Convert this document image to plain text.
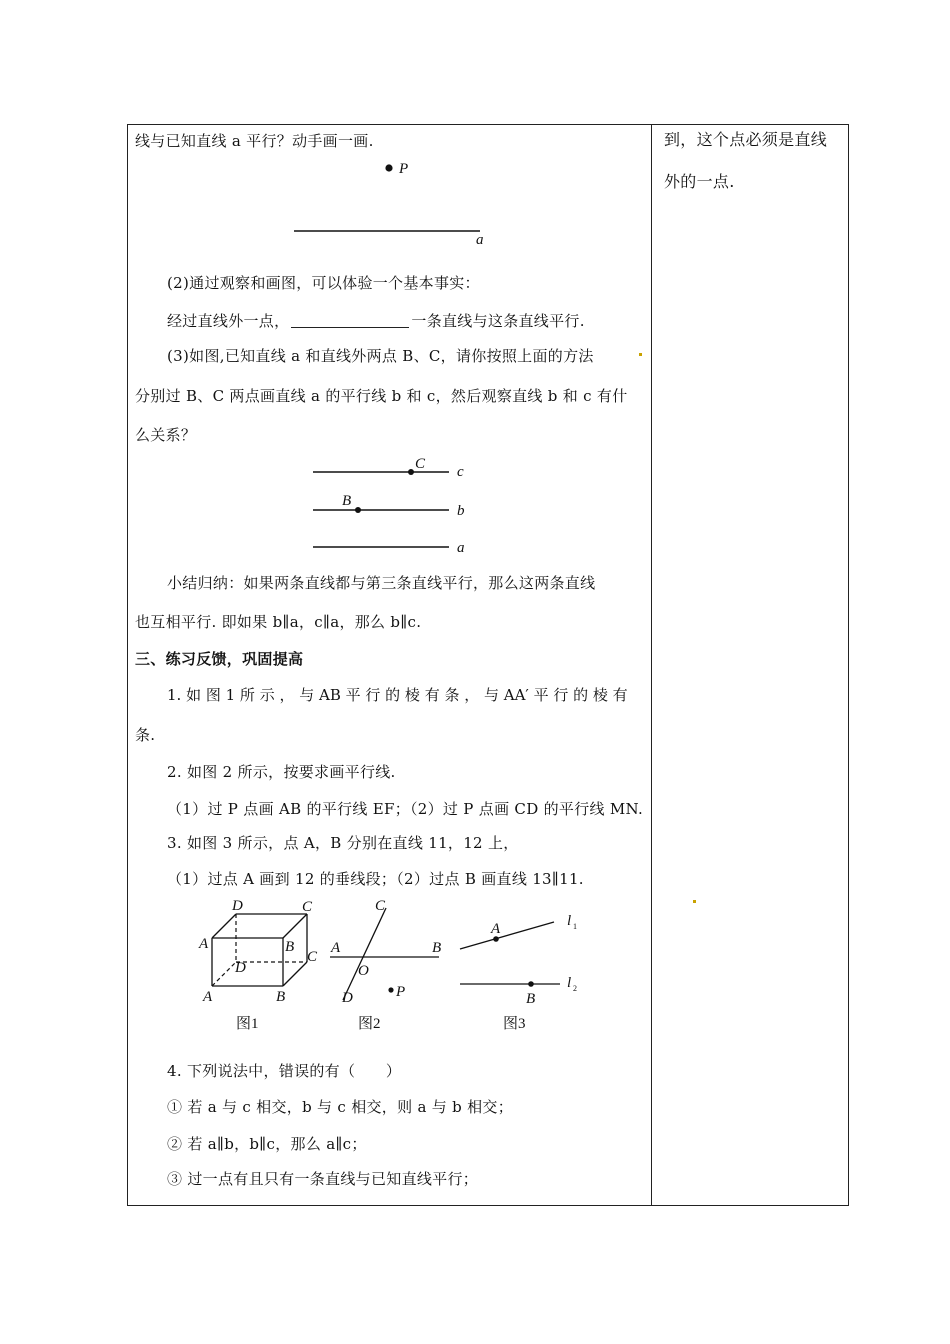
到，这个点必须是直线
外的一点.
线与已知直线 a 平行？动手画一画.
P
a
(2)通过观察和画图，可以体验一个基本事实：
经过直线外一点，	一条直线与这条直线平行.
(3)如图,已知直线 a 和直线外两点 B、C，请你按照上面的方法
分别过 B、C 两点画直线 a 的平行线 b 和 c，然后观察直线 b 和 c 有什
么关系？
C c
B
b
a
小结归纳：如果两条直线都与第三条直线平行，那么这两条直线
也互相平行. 即如果 b∥a，c∥a，那么 b∥c.
三、练习反馈，巩固提高
1. 如 图 1 所 示 ， 与 AB 平 行 的 棱 有 条 ， 与 AA′ 平 行 的 棱 有
条.
2. 如图 2 所示，按要求画平行线.
（1）过 P 点画 AB 的平行线 EF；（2）过 P 点画 CD 的平行线 MN.
3. 如图 3 所示，点 A，B 分别在直线 11，12 上，
（1）过点 A 画到 12 的垂线段；（2）过点 B 画直线 13∥11.
D	C
A	B
C
D
A	B
图1
C
A	B
O
D	P
图2
A	l 1
B
l 2
图3
4. 下列说法中，错误的有（　　）
① 若 a 与 c 相交，b 与 c 相交，则 a 与 b 相交；
② 若 a∥b，b∥c，那么 a∥c；
③ 过一点有且只有一条直线与已知直线平行；
